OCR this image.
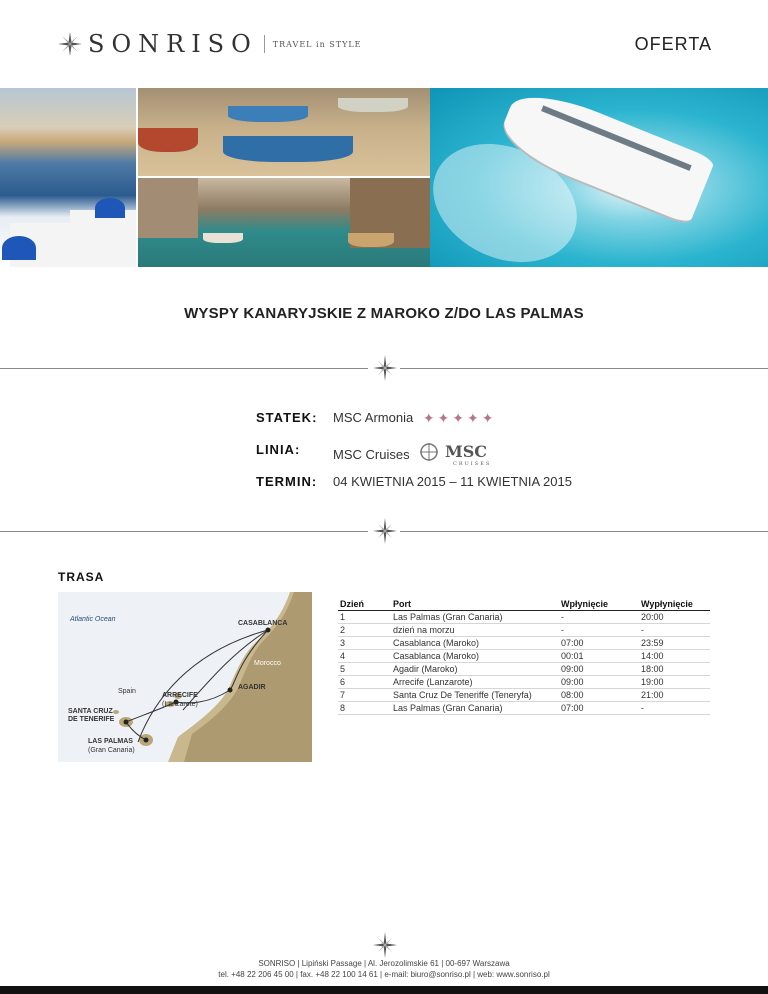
SONRISO TRAVEL in STYLE	OFERTA
WYSPY KANARYJSKIE Z MAROKO Z/DO LAS PALMAS
STATEK:	MSC Armonia ✦✦✦✦✦
LINIA:	MSC Cruises MSC
CRUISES
TERMIN:	04 KWIETNIA 2015 – 11 KWIETNIA 2015
TRASA
Atlantic Ocean
CASABLANCA
Morocco
Spain
ARRECIFE
(Lanzarote)
AGADIR
SANTA CRUZ
DE TENERIFE
LAS PALMAS
(Gran Canaria)
Dzień	Port	Wpłynięcie	Wypłynięcie
1	Las Palmas (Gran Canaria)	-	20:00
2	dzień na morzu	-	-
3	Casablanca (Maroko)	07:00	23:59
4	Casablanca (Maroko)	00:01	14:00
5	Agadir (Maroko)	09:00	18:00
6	Arrecife (Lanzarote)	09:00	19:00
7	Santa Cruz De Teneriffe (Teneryfa)	08:00	21:00
8	Las Palmas (Gran Canaria)	07:00	-
SONRISO | Lipiński Passage | Al. Jerozolimskie 61 | 00-697 Warszawa
tel. +48 22 206 45 00 | fax. +48 22 100 14 61 | e-mail: biuro@sonriso.pl | web: www.sonriso.pl
